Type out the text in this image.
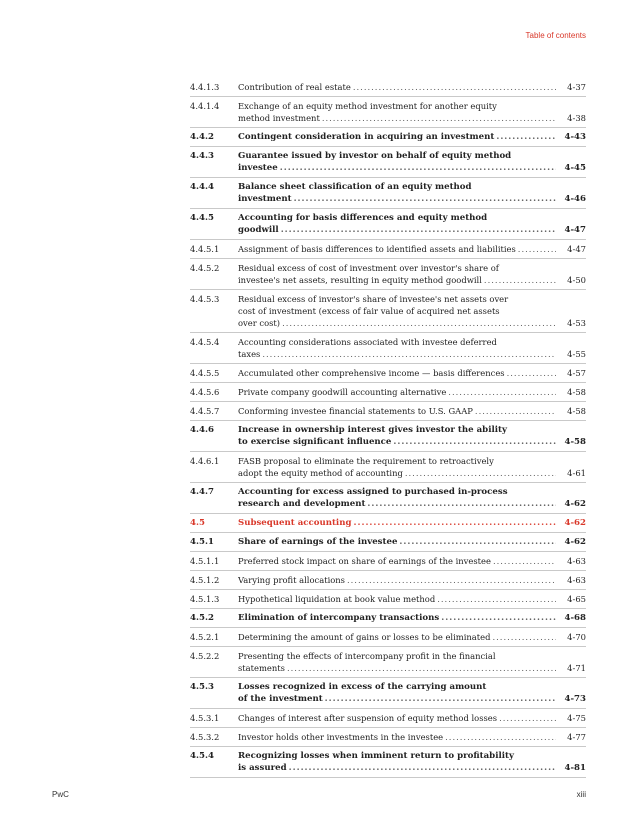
Table of contents
4.4.1.3	Contribution of real estate .....	4-37
4.4.1.4	Exchange of an equity method investment for another equity
method investment .....	4-38
4.4.2	Contingent consideration in acquiring an investment .....	4-43
4.4.3	Guarantee issued by investor on behalf of equity method
investee .....	4-45
4.4.4	Balance sheet classification of an equity method
investment .....	4-46
4.4.5	Accounting for basis differences and equity method
goodwill .....	4-47
4.4.5.1	Assignment of basis differences to identified assets and liabilities .....	4-47
4.4.5.2	Residual excess of cost of investment over investor's share of
investee's net assets, resulting in equity method goodwill .....	4-50
4.4.5.3	Residual excess of investor's share of investee's net assets over
cost of investment (excess of fair value of acquired net assets
over cost) .....	4-53
4.4.5.4	Accounting considerations associated with investee deferred
taxes .....	4-55
4.4.5.5	Accumulated other comprehensive income — basis differences .....	4-57
4.4.5.6	Private company goodwill accounting alternative .....	4-58
4.4.5.7	Conforming investee financial statements to U.S. GAAP .....	4-58
4.4.6	Increase in ownership interest gives investor the ability
to exercise significant influence .....	4-58
4.4.6.1	FASB proposal to eliminate the requirement to retroactively
adopt the equity method of accounting .....	4-61
4.4.7	Accounting for excess assigned to purchased in-process
research and development .....	4-62
4.5	Subsequent accounting .....	4-62
4.5.1	Share of earnings of the investee .....	4-62
4.5.1.1	Preferred stock impact on share of earnings of the investee .....	4-63
4.5.1.2	Varying profit allocations .....	4-63
4.5.1.3	Hypothetical liquidation at book value method .....	4-65
4.5.2	Elimination of intercompany transactions .....	4-68
4.5.2.1	Determining the amount of gains or losses to be eliminated .....	4-70
4.5.2.2	Presenting the effects of intercompany profit in the financial
statements .....	4-71
4.5.3	Losses recognized in excess of the carrying amount
of the investment .....	4-73
4.5.3.1	Changes of interest after suspension of equity method losses .....	4-75
4.5.3.2	Investor holds other investments in the investee .....	4-77
4.5.4	Recognizing losses when imminent return to profitability
is assured .....	4-81
PwC	xiii
